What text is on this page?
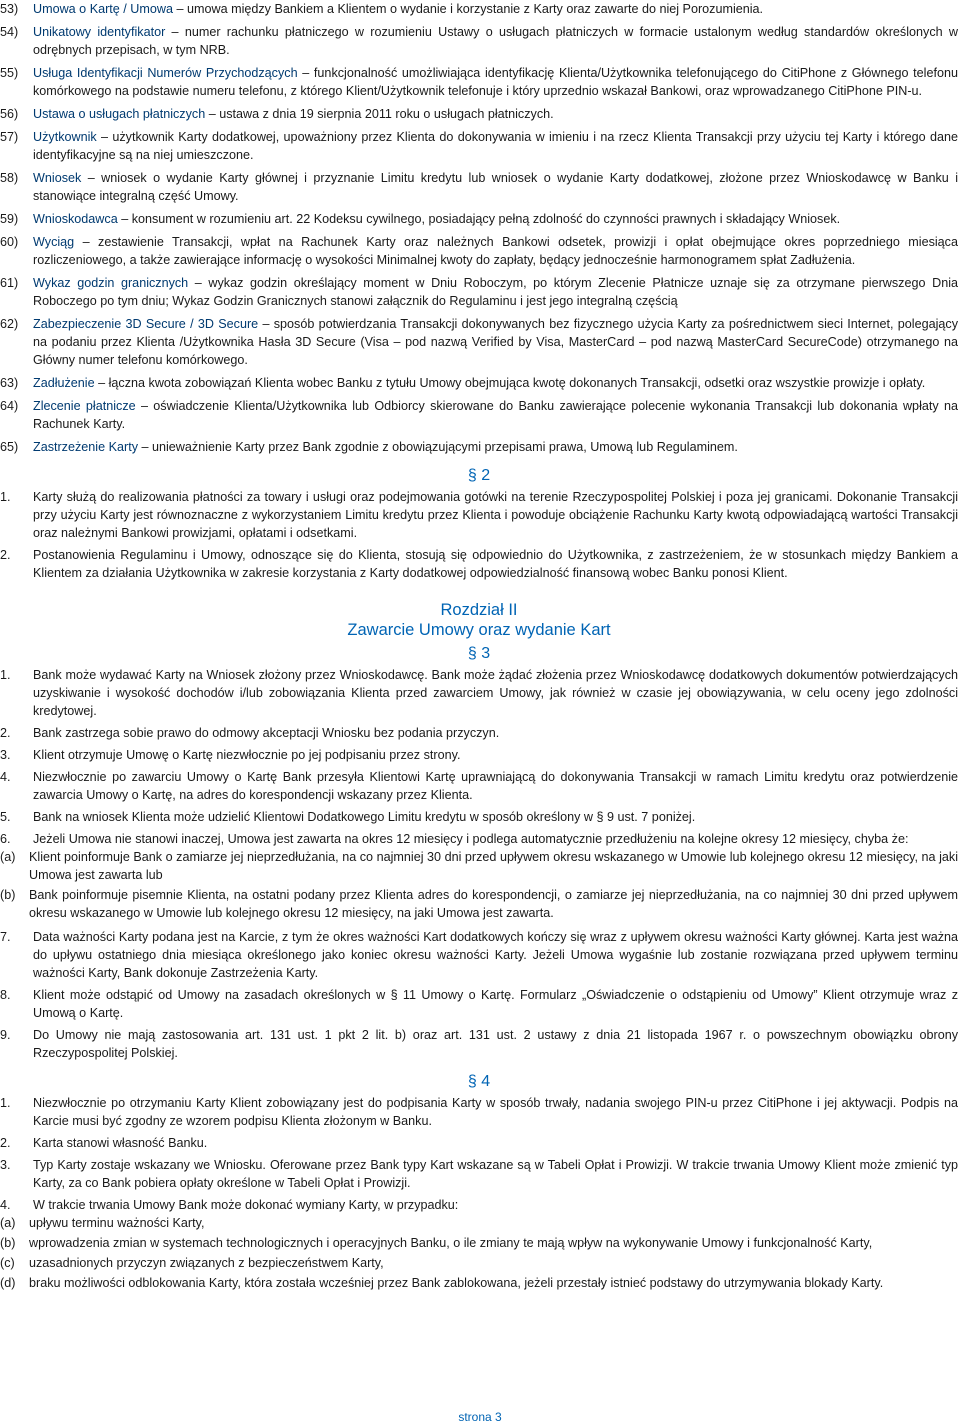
53)	Umowa o Kartę / Umowa – umowa między Bankiem a Klientem o wydanie i korzystanie z Karty oraz zawarte do niej Porozumienia.
54)	Unikatowy identyfikator – numer rachunku płatniczego w rozumieniu Ustawy o usługach płatniczych w formacie ustalonym według standardów określonych w odrębnych przepisach, w tym NRB.
55)	Usługa Identyfikacji Numerów Przychodzących – funkcjonalność umożliwiająca identyfikację Klienta/Użytkownika telefonującego do CitiPhone z Głównego telefonu komórkowego na podstawie numeru telefonu, z którego Klient/Użytkownik telefonuje i który uprzednio wskazał Bankowi, oraz wprowadzanego CitiPhone PIN-u.
56)	Ustawa o usługach płatniczych – ustawa z dnia 19 sierpnia 2011 roku o usługach płatniczych.
57)	Użytkownik – użytkownik Karty dodatkowej, upoważniony przez Klienta do dokonywania w imieniu i na rzecz Klienta Transakcji przy użyciu tej Karty i którego dane identyfikacyjne są na niej umieszczone.
58)	Wniosek – wniosek o wydanie Karty głównej i przyznanie Limitu kredytu lub wniosek o wydanie Karty dodatkowej, złożone przez Wnioskodawcę w Banku i stanowiące integralną część Umowy.
59)	Wnioskodawca – konsument w rozumieniu art. 22 Kodeksu cywilnego, posiadający pełną zdolność do czynności prawnych i składający Wniosek.
60)	Wyciąg – zestawienie Transakcji, wpłat na Rachunek Karty oraz należnych Bankowi odsetek, prowizji i opłat obejmujące okres poprzedniego miesiąca rozliczeniowego, a także zawierające informację o wysokości Minimalnej kwoty do zapłaty, będący jednocześnie harmonogramem spłat Zadłużenia.
61)	Wykaz godzin granicznych – wykaz godzin określający moment w Dniu Roboczym, po którym Zlecenie Płatnicze uznaje się za otrzymane pierwszego Dnia Roboczego po tym dniu; Wykaz Godzin Granicznych stanowi załącznik do Regulaminu i jest jego integralną częścią
62)	Zabezpieczenie 3D Secure / 3D Secure – sposób potwierdzania Transakcji dokonywanych bez fizycznego użycia Karty za pośrednictwem sieci Internet, polegający na podaniu przez Klienta /Użytkownika Hasła 3D Secure (Visa – pod nazwą Verified by Visa, MasterCard – pod nazwą MasterCard SecureCode) otrzymanego na Główny numer telefonu komórkowego.
63)	Zadłużenie – łączna kwota zobowiązań Klienta wobec Banku z tytułu Umowy obejmująca kwotę dokonanych Transakcji, odsetki oraz wszystkie prowizje i opłaty.
64)	Zlecenie płatnicze – oświadczenie Klienta/Użytkownika lub Odbiorcy skierowane do Banku zawierające polecenie wykonania Transakcji lub dokonania wpłaty na Rachunek Karty.
65)	Zastrzeżenie Karty – unieważnienie Karty przez Bank zgodnie z obowiązującymi przepisami prawa, Umową lub Regulaminem.
§ 2
1.	Karty służą do realizowania płatności za towary i usługi oraz podejmowania gotówki na terenie Rzeczypospolitej Polskiej i poza jej granicami. Dokonanie Transakcji przy użyciu Karty jest równoznaczne z wykorzystaniem Limitu kredytu przez Klienta i powoduje obciążenie Rachunku Karty kwotą odpowiadającą wartości Transakcji oraz należnymi Bankowi prowizjami, opłatami i odsetkami.
2.	Postanowienia Regulaminu i Umowy, odnoszące się do Klienta, stosują się odpowiednio do Użytkownika, z zastrzeżeniem, że w stosunkach między Bankiem a Klientem za działania Użytkownika w zakresie korzystania z Karty dodatkowej odpowiedzialność finansową wobec Banku ponosi Klient.
Rozdział II
Zawarcie Umowy oraz wydanie Kart
§ 3
1.	Bank może wydawać Karty na Wniosek złożony przez Wnioskodawcę. Bank może żądać złożenia przez Wnioskodawcę dodatkowych dokumentów potwierdzających uzyskiwanie i wysokość dochodów i/lub zobowiązania Klienta przed zawarciem Umowy, jak również w czasie jej obowiązywania, w celu oceny jego zdolności kredytowej.
2.	Bank zastrzega sobie prawo do odmowy akceptacji Wniosku bez podania przyczyn.
3.	Klient otrzymuje Umowę o Kartę niezwłocznie po jej podpisaniu przez strony.
4.	Niezwłocznie po zawarciu Umowy o Kartę Bank przesyła Klientowi Kartę uprawniającą do dokonywania Transakcji w ramach Limitu kredytu oraz potwierdzenie zawarcia Umowy o Kartę, na adres do korespondencji wskazany przez Klienta.
5.	Bank na wniosek Klienta może udzielić Klientowi Dodatkowego Limitu kredytu w sposób określony w § 9 ust. 7 poniżej.
6.	Jeżeli Umowa nie stanowi inaczej, Umowa jest zawarta na okres 12 miesięcy i podlega automatycznie przedłużeniu na kolejne okresy 12 miesięcy, chyba że:
(a)	Klient poinformuje Bank o zamiarze jej nieprzedłużania, na co najmniej 30 dni przed upływem okresu wskazanego w Umowie lub kolejnego okresu 12 miesięcy, na jaki Umowa jest zawarta lub
(b)	Bank poinformuje pisemnie Klienta, na ostatni podany przez Klienta adres do korespondencji, o zamiarze jej nieprzedłużania, na co najmniej 30 dni przed upływem okresu wskazanego w Umowie lub kolejnego okresu 12 miesięcy, na jaki Umowa jest zawarta.
7.	Data ważności Karty podana jest na Karcie, z tym że okres ważności Kart dodatkowych kończy się wraz z upływem okresu ważności Karty głównej. Karta jest ważna do upływu ostatniego dnia miesiąca określonego jako koniec okresu ważności Karty. Jeżeli Umowa wygaśnie lub zostanie rozwiązana przed upływem terminu ważności Karty, Bank dokonuje Zastrzeżenia Karty.
8.	Klient może odstąpić od Umowy na zasadach określonych w § 11 Umowy o Kartę. Formularz „Oświadczenie o odstąpieniu od Umowy” Klient otrzymuje wraz z Umową o Kartę.
9.	Do Umowy nie mają zastosowania art. 131 ust. 1 pkt 2 lit. b) oraz art. 131 ust. 2 ustawy z dnia 21 listopada 1967 r. o powszechnym obowiązku obrony Rzeczypospolitej Polskiej.
§ 4
1.	Niezwłocznie po otrzymaniu Karty Klient zobowiązany jest do podpisania Karty w sposób trwały, nadania swojego PIN-u przez CitiPhone i jej aktywacji. Podpis na Karcie musi być zgodny ze wzorem podpisu Klienta złożonym w Banku.
2.	Karta stanowi własność Banku.
3.	Typ Karty zostaje wskazany we Wniosku. Oferowane przez Bank typy Kart wskazane są w Tabeli Opłat i Prowizji. W trakcie trwania Umowy Klient może zmienić typ Karty, za co Bank pobiera opłaty określone w Tabeli Opłat i Prowizji.
4.	W trakcie trwania Umowy Bank może dokonać wymiany Karty, w przypadku:
(a)	upływu terminu ważności Karty,
(b)	wprowadzenia zmian w systemach technologicznych i operacyjnych Banku, o ile zmiany te mają wpływ na wykonywanie Umowy i funkcjonalność Karty,
(c)	uzasadnionych przyczyn związanych z bezpieczeństwem Karty,
(d)	braku możliwości odblokowania Karty, która została wcześniej przez Bank zablokowana, jeżeli przestały istnieć podstawy do utrzymywania blokady Karty.
strona 3
